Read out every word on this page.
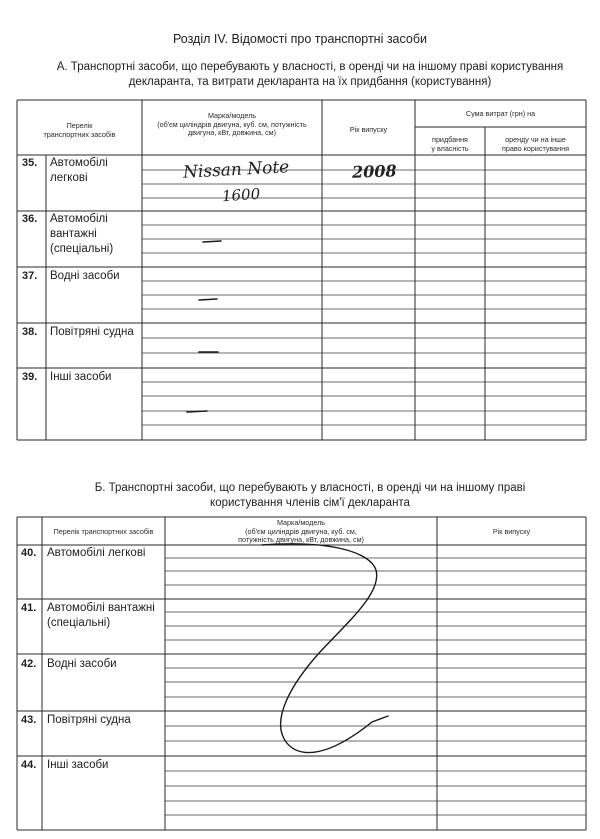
Розділ IV. Відомості про транспортні засоби
А. Транспортні засоби, що перебувають у власності, в оренді чи на іншому праві користування
декларанта, та витрати декларанта на їх придбання (користування)
Марка/модель
(об'єм циліндрів двигуна, куб. см, потужність
двигуна, кВт, довжина, см)
Перелік
транспортних засобів	Рік випуску
Сума витрат (грн) на
придбання
у власність
оренду чи на інше
право користування
35. Автомобілі
легкові
36. Автомобілі
вантажні
(спеціальні)
37. Водні засоби
38. Повітряні судна
39. Інші засоби
Nissan Note
1600
2008
Б. Транспортні засоби, що перебувають у власності, в оренді чи на іншому праві
користування членів сім'ї декларанта
Перелік транспортних засобів
Марка/модель
(об'єм циліндрів двигуна, куб. см,
потужність двигуна, кВт, довжина, см)
Рік випуску
40. Автомобілі легкові
41. Автомобілі вантажні
(спеціальні)
42. Водні засоби
43. Повітряні судна
44. Інші засоби
